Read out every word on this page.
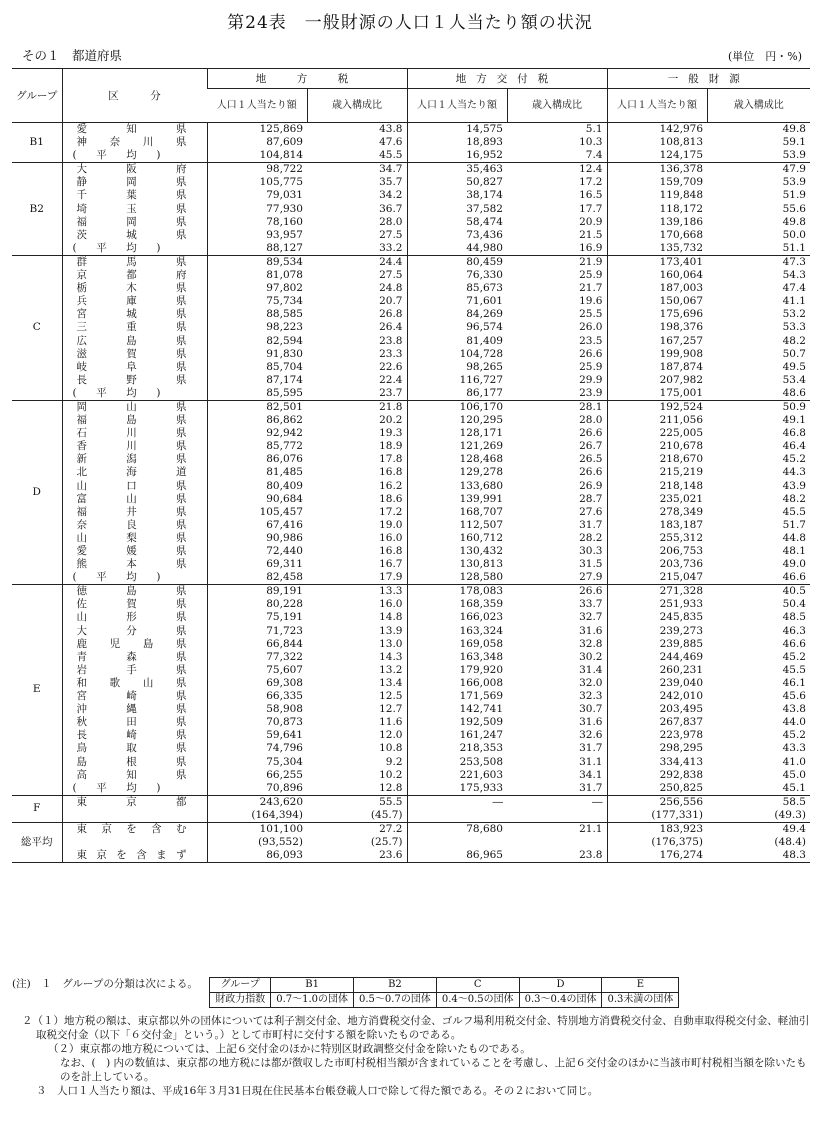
第24表　一般財源の人口１人当たり額の状況
その１　都道府県	(単位　円・%)
グループ	区　　　分	地　方　税		地方交付税		一般財源	
		人口１人当たり額	歳入構成比	人口１人当たり額	歳入構成比	人口１人当たり額	歳入構成比
B1	愛知県	125,869	43.8	14,575	5.1	142,976	49.8
	神奈川県	87,609	47.6	18,893	10.3	108,813	59.1
	(平均)	104,814	45.5	16,952	7.4	124,175	53.9
B2	大阪府	98,722	34.7	35,463	12.4	136,378	47.9
	静岡県	105,775	35.7	50,827	17.2	159,709	53.9
	千葉県	79,031	34.2	38,174	16.5	119,848	51.9
	埼玉県	77,930	36.7	37,582	17.7	118,172	55.6
	福岡県	78,160	28.0	58,474	20.9	139,186	49.8
	茨城県	93,957	27.5	73,436	21.5	170,668	50.0
	(平均)	88,127	33.2	44,980	16.9	135,732	51.1
C	群馬県	89,534	24.4	80,459	21.9	173,401	47.3
	京都府	81,078	27.5	76,330	25.9	160,064	54.3
	栃木県	97,802	24.8	85,673	21.7	187,003	47.4
	兵庫県	75,734	20.7	71,601	19.6	150,067	41.1
	宮城県	88,585	26.8	84,269	25.5	175,696	53.2
	三重県	98,223	26.4	96,574	26.0	198,376	53.3
	広島県	82,594	23.8	81,409	23.5	167,257	48.2
	滋賀県	91,830	23.3	104,728	26.6	199,908	50.7
	岐阜県	85,704	22.6	98,265	25.9	187,874	49.5
	長野県	87,174	22.4	116,727	29.9	207,982	53.4
	(平均)	85,595	23.7	86,177	23.9	175,001	48.6
D	岡山県	82,501	21.8	106,170	28.1	192,524	50.9
	福島県	86,862	20.2	120,295	28.0	211,056	49.1
	石川県	92,942	19.3	128,171	26.6	225,005	46.8
	香川県	85,772	18.9	121,269	26.7	210,678	46.4
	新潟県	86,076	17.8	128,468	26.5	218,670	45.2
	北海道	81,485	16.8	129,278	26.6	215,219	44.3
	山口県	80,409	16.2	133,680	26.9	218,148	43.9
	富山県	90,684	18.6	139,991	28.7	235,021	48.2
	福井県	105,457	17.2	168,707	27.6	278,349	45.5
	奈良県	67,416	19.0	112,507	31.7	183,187	51.7
	山梨県	90,986	16.0	160,712	28.2	255,312	44.8
	愛媛県	72,440	16.8	130,432	30.3	206,753	48.1
	熊本県	69,311	16.7	130,813	31.5	203,736	49.0
	(平均)	82,458	17.9	128,580	27.9	215,047	46.6
E	徳島県	89,191	13.3	178,083	26.6	271,328	40.5
	佐賀県	80,228	16.0	168,359	33.7	251,933	50.4
	山形県	75,191	14.8	166,023	32.7	245,835	48.5
	大分県	71,723	13.9	163,324	31.6	239,273	46.3
	鹿児島県	66,844	13.0	169,058	32.8	239,885	46.6
	青森県	77,322	14.3	163,348	30.2	244,469	45.2
	岩手県	75,607	13.2	179,920	31.4	260,231	45.5
	和歌山県	69,308	13.4	166,008	32.0	239,040	46.1
	宮崎県	66,335	12.5	171,569	32.3	242,010	45.6
	沖縄県	58,908	12.7	142,741	30.7	203,495	43.8
	秋田県	70,873	11.6	192,509	31.6	267,837	44.0
	長崎県	59,641	12.0	161,247	32.6	223,978	45.2
	鳥取県	74,796	10.8	218,353	31.7	298,295	43.3
	島根県	75,304	9.2	253,508	31.1	334,413	41.0
	高知県	66,255	10.2	221,603	34.1	292,838	45.0
	(平均)	70,896	12.8	175,933	31.7	250,825	45.1
F	東京都	243,620	55.5	―	―	256,556	58.5
		(164,394)	(45.7)			(177,331)	(49.3)
総平均	東京を含む	101,100	27.2	78,680	21.1	183,923	49.4
		(93,552)	(25.7)			(176,375)	(48.4)
	東京を含まず	86,093	23.6	86,965	23.8	176,274	48.3
(注)　１　グループの分類は次による。 グループ	B1	B2	C	D	E
財政力指数	0.7～1.0の団体	0.5～0.7の団体	0.4～0.5の団体	0.3～0.4の団体	0.3未満の団体
２（１）地方税の額は、東京都以外の団体については利子割交付金、地方消費税交付金、ゴルフ場利用税交付金、特別地方消費税交付金、自動車取得税交付金、軽油引取税交付金（以下「６交付金」という。）として市町村に交付する額を除いたものである。
（２）東京都の地方税については、上記６交付金のほかに特別区財政調整交付金を除いたものである。
なお、(　) 内の数値は、東京都の地方税には都が徴収した市町村税相当額が含まれていることを考慮し、上記６交付金のほかに当該市町村税相当額を除いたものを計上している。
３　人口１人当たり額は、平成16年３月31日現在住民基本台帳登載人口で除して得た額である。その２において同じ。
